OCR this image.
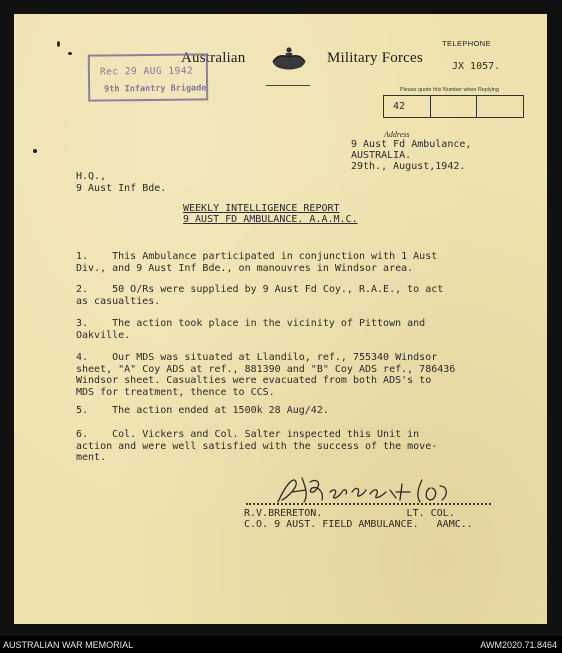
Australian	Military Forces
TELEPHONE
JX 1057.
Please quote this Number when Replying
42
Rec 29 AUG 1942
9th Infantry Brigade
Address
9 Aust Fd Ambulance,
AUSTRALIA.
29th., August,1942.
H.Q.,
9 Aust Inf Bde.
WEEKLY INTELLIGENCE REPORT
9 AUST FD AMBULANCE. A.A.M.C.
1.    This Ambulance participated in conjunction with 1 Aust
Div., and 9 Aust Inf Bde., on manouvres in Windsor area.
2.    50 O/Rs were supplied by 9 Aust Fd Coy., R.A.E., to act
as casualties.
3.    The action took place in the vicinity of Pittown and
Oakville.
4.    Our MDS was situated at Llandilo, ref., 755340 Windsor
sheet, "A" Coy ADS at ref., 881390 and "B" Coy ADS ref., 786436
Windsor sheet. Casualties were evacuated from both ADS's to
MDS for treatment, thence to CCS.
5.    The action ended at 1500k 28 Aug/42.
6.    Col. Vickers and Col. Salter inspected this Unit in
action and were well satisfied with the success of the move-
ment.
R.V.BRERETON.              LT. COL.
C.O. 9 AUST. FIELD AMBULANCE.   AAMC..
AUSTRALIAN WAR MEMORIAL	AWM2020.71.8464
